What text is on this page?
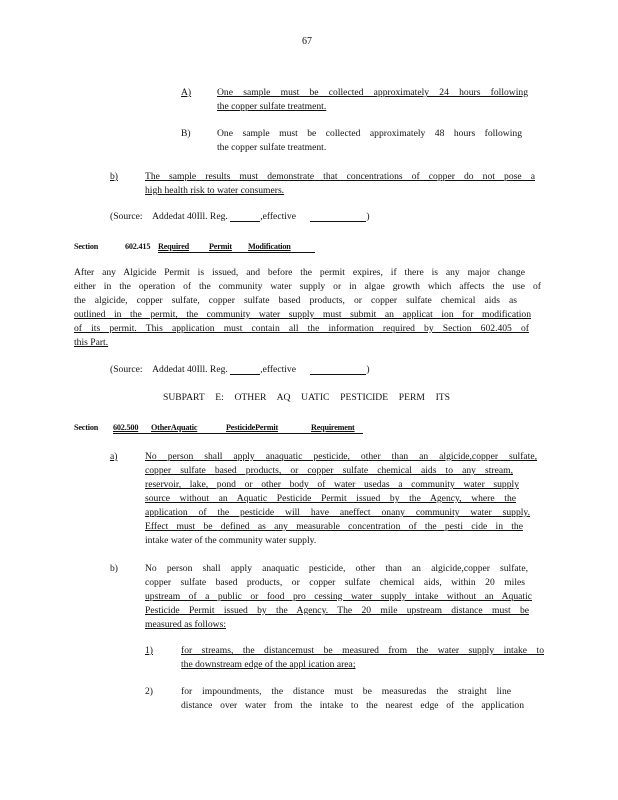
67
A)	One sample must be collected approximately 24 hours following
the copper sulfate treatment.
B)	One sample must be collected approximately 48 hours following
the copper sulfate treatment.
b)	The sample results must demonstrate that concentrations of copper do not pose a
high health risk to water consumers.
(Source: Addedat 40Ill. Reg.	,effective	)
Section	602.415 Required Permit Modification
After any Algicide Permit is issued, and before the permit expires, if there is any major change
either in the operation of the community water supply or in algae growth which affects the use of
the algicide, copper sulfate, copper sulfate based products, or copper sulfate chemical aids as
outlined in the permit, the community water supply must submit an applicat ion for modification
of its permit. This application must contain all the information required by Section 602.405 of
this Part.
(Source: Addedat 40Ill. Reg.	,effective	)
SUBPART E: OTHER AQ UATIC PESTICIDE PERM ITS
Section 602.500 OtherAquatic	PesticidePermit	Requirement
a)	No person shall apply anaquatic pesticide, other than an algicide,copper sulfate,
copper sulfate based products, or copper sulfate chemical aids to any stream,
reservoir, lake, pond or other body of water usedas a community water supply
source without an Aquatic Pesticide Permit issued by the Agency, where the
application of the pesticide will have aneffect onany community water supply.
Effect must be defined as any measurable concentration of the pesti cide in the
intake water of the community water supply.
b)	No person shall apply anaquatic pesticide, other than an algicide,copper sulfate,
copper sulfate based products, or copper sulfate chemical aids, within 20 miles
upstream of a public or food pro cessing water supply intake without an Aquatic
Pesticide Permit issued by the Agency. The 20 mile upstream distance must be
measured as follows:
1)	for streams, the distancemust be measured from the water supply intake to
the downstream edge of the appl ication area;
2)	for impoundments, the distance must be measuredas the straight line
distance over water from the intake to the nearest edge of the application
